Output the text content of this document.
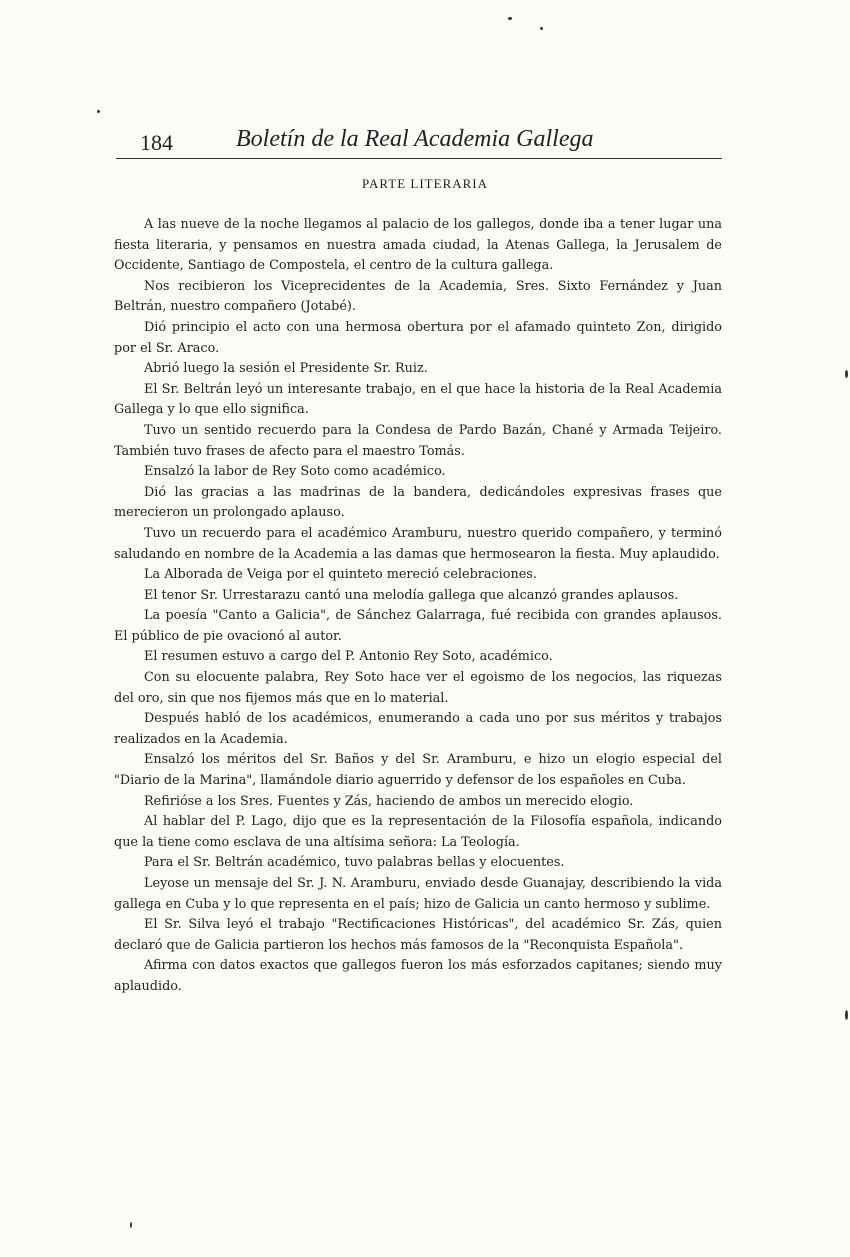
184	Boletín de la Real Academia Gallega
PARTE LITERARIA

A las nueve de la noche llegamos al palacio de los gallegos, donde iba a tener lugar una fiesta literaria, y pensamos en nuestra amada ciudad, la Atenas Gallega, la Jerusalem de Occidente, Santiago de Compostela, el centro de la cultura gallega.

Nos recibieron los Viceprecidentes de la Academia, Sres. Sixto Fernández y Juan Beltrán, nuestro compañero (Jotabé).

Dió principio el acto con una hermosa obertura por el afamado quinteto Zon, dirigido por el Sr. Araco.

Abrió luego la sesión el Presidente Sr. Ruiz.

El Sr. Beltrán leyó un interesante trabajo, en el que hace la historia de la Real Academia Gallega y lo que ello significa.

Tuvo un sentido recuerdo para la Condesa de Pardo Bazán, Chané y Armada Teijeiro. También tuvo frases de afecto para el maestro Tomás.

Ensalzó la labor de Rey Soto como académico.

Dió las gracias a las madrinas de la bandera, dedicándoles expresivas frases que merecieron un prolongado aplauso.

Tuvo un recuerdo para el académico Aramburu, nuestro querido compañero, y terminó saludando en nombre de la Academia a las damas que hermosearon la fiesta. Muy aplaudido.

La Alborada de Veiga por el quinteto mereció celebraciones.

El tenor Sr. Urrestarazu cantó una melodía gallega que alcanzó grandes aplausos.

La poesía "Canto a Galicia", de Sánchez Galarraga, fué recibida con grandes aplausos. El público de pie ovacionó al autor.

El resumen estuvo a cargo del P. Antonio Rey Soto, académico.

Con su elocuente palabra, Rey Soto hace ver el egoismo de los negocios, las riquezas del oro, sin que nos fijemos más que en lo material.

Después habló de los académicos, enumerando a cada uno por sus méritos y trabajos realizados en la Academia.

Ensalzó los méritos del Sr. Baños y del Sr. Aramburu, e hizo un elogio especial del "Diario de la Marina", llamándole diario aguerrido y defensor de los españoles en Cuba.

Refirióse a los Sres. Fuentes y Zás, haciendo de ambos un merecido elogio.

Al hablar del P. Lago, dijo que es la representación de la Filosofía española, indicando que la tiene como esclava de una altísima señora: La Teología.

Para el Sr. Beltrán académico, tuvo palabras bellas y elocuentes.

Leyose un mensaje del Sr. J. N. Aramburu, enviado desde Guanajay, describiendo la vida gallega en Cuba y lo que representa en el país; hizo de Galicia un canto hermoso y sublime.

El Sr. Silva leyó el trabajo "Rectificaciones Históricas", del académico Sr. Zás, quien declaró que de Galicia partieron los hechos más famosos de la "Reconquista Española".

Afirma con datos exactos que gallegos fueron los más esforzados capitanes; siendo muy aplaudido.
